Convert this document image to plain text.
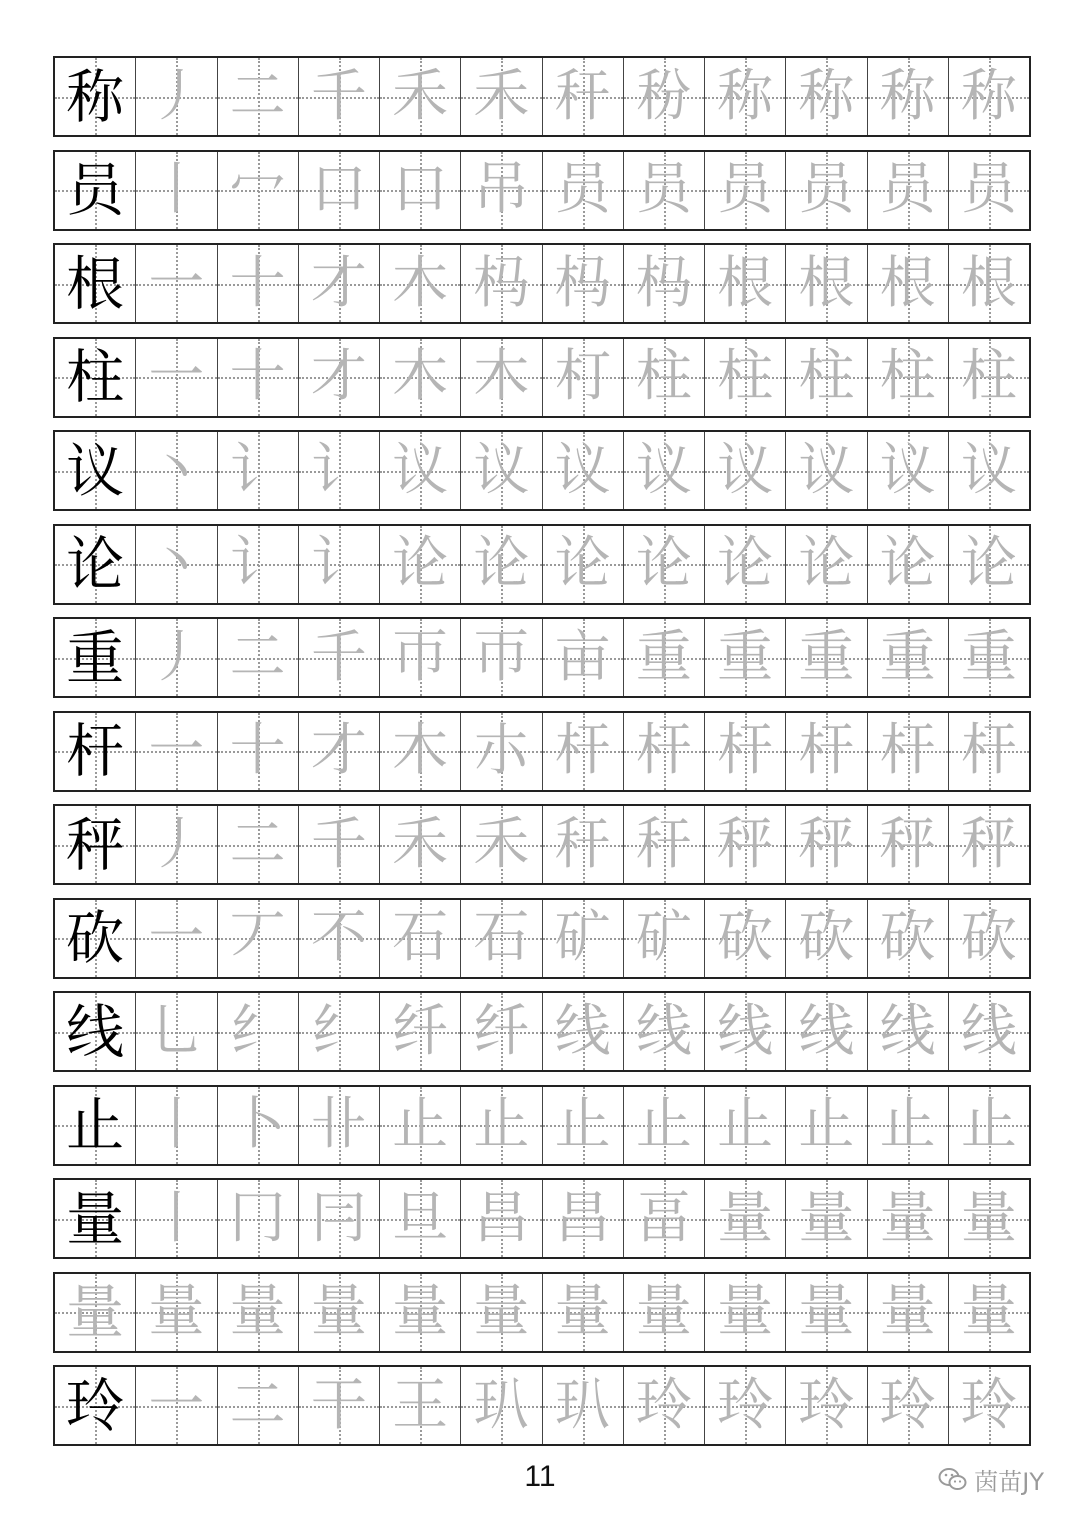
称 丿 二 千 禾 禾 秆 秎 称 称 称 称
员 丨 冖 口 口 吊 员 员 员 员 员 员
根 一 十 才 木 杩 杩 杩 根 根 根 根
柱 一 十 才 木 木 朾 柱 柱 柱 柱 柱
议 丶 讠 讠 议 议 议 议 议 议 议 议
论 丶 讠 讠 论 论 论 论 论 论 论 论
重 丿 二 千 帀 帀 亩 重 重 重 重 重
杆 一 十 才 木 朩 杆 杆 杆 杆 杆 杆
秤 丿 二 千 禾 禾 秆 秆 秤 秤 秤 秤
砍 一 丆 不 石 石 矿 矿 砍 砍 砍 砍
线 乚 纟 纟 纤 纤 线 线 线 线 线 线
止 丨 卜 卝 止 止 止 止 止 止 止 止
量 丨 冂 冃 旦 昌 昌 畐 量 量 量 量
量 量 量 量 量 量 量 量 量 量 量 量
玲 一 二 干 王 玐 玐 玲 玲 玲 玲 玲
11	茵苗JY
